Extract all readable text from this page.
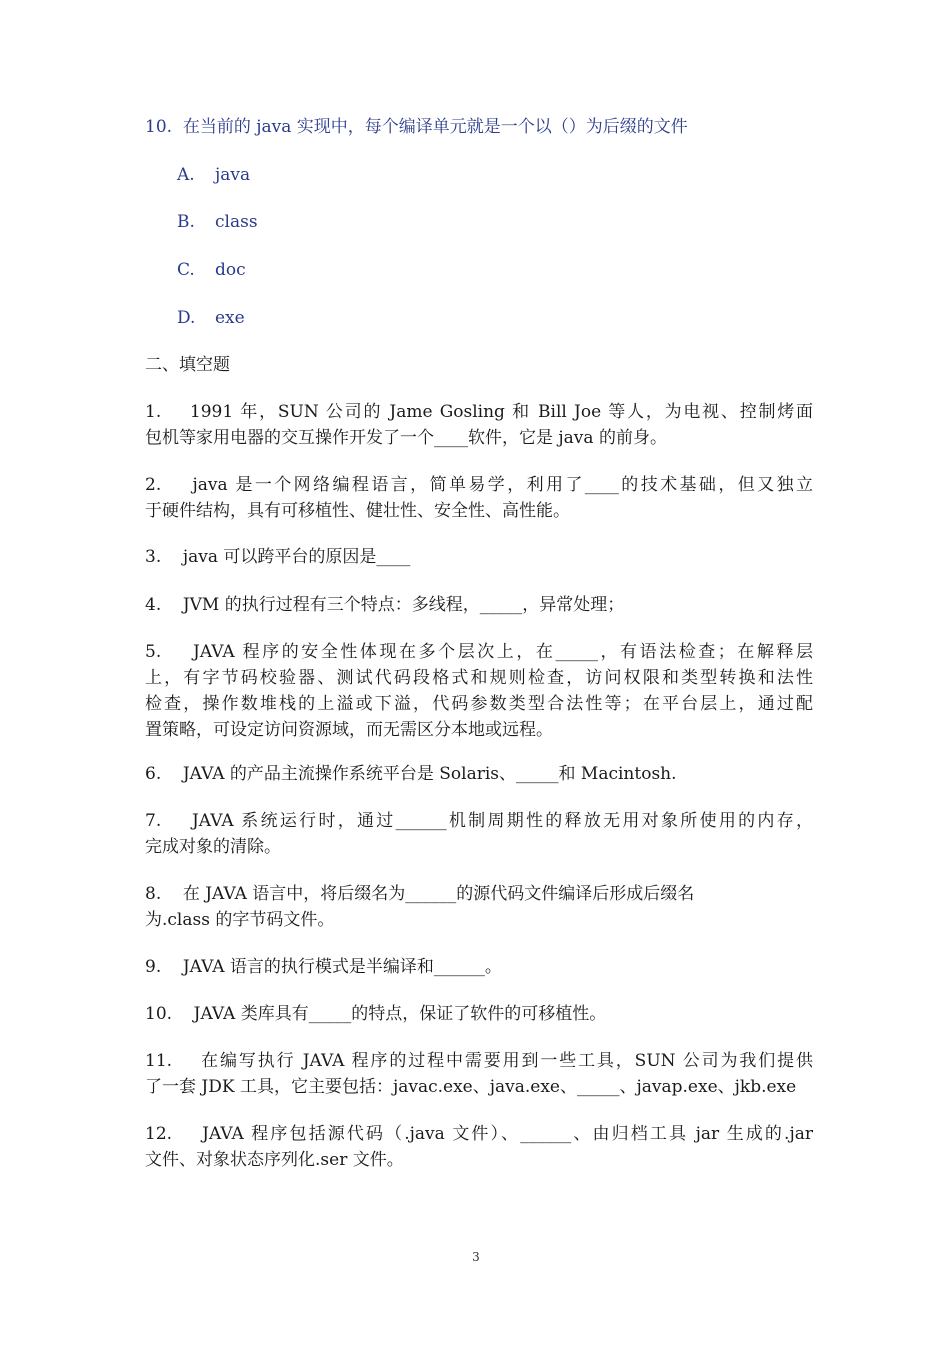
10. 在当前的 java 实现中，每个编译单元就是一个以（）为后缀的文件
A. java
B. class
C. doc
D. exe
二、填空题
1.    1991 年，SUN 公司的 Jame Gosling 和 Bill Joe 等人，为电视、控制烤面
包机等家用电器的交互操作开发了一个____软件，它是 java 的前身。
2.    java 是一个网络编程语言，简单易学，利用了____的技术基础，但又独立
于硬件结构，具有可移植性、健壮性、安全性、高性能。
3.    java 可以跨平台的原因是____
4.    JVM 的执行过程有三个特点：多线程，_____，异常处理；
5.    JAVA 程序的安全性体现在多个层次上，在_____，有语法检查；在解释层
上，有字节码校验器、测试代码段格式和规则检查，访问权限和类型转换和法性
检查，操作数堆栈的上溢或下溢，代码参数类型合法性等；在平台层上，通过配
置策略，可设定访问资源域，而无需区分本地或远程。
6.    JAVA 的产品主流操作系统平台是 Solaris、_____和 Macintosh.
7.    JAVA 系统运行时，通过______机制周期性的释放无用对象所使用的内存，
完成对象的清除。
8.    在 JAVA 语言中，将后缀名为______的源代码文件编译后形成后缀名
为.class 的字节码文件。
9.    JAVA 语言的执行模式是半编译和______。
10.    JAVA 类库具有_____的特点，保证了软件的可移植性。
11.    在编写执行 JAVA 程序的过程中需要用到一些工具，SUN 公司为我们提供
了一套 JDK 工具，它主要包括：javac.exe、java.exe、_____、javap.exe、jkb.exe
12.    JAVA 程序包括源代码（.java 文件）、______、由归档工具 jar 生成的.jar
文件、对象状态序列化.ser 文件。
3
